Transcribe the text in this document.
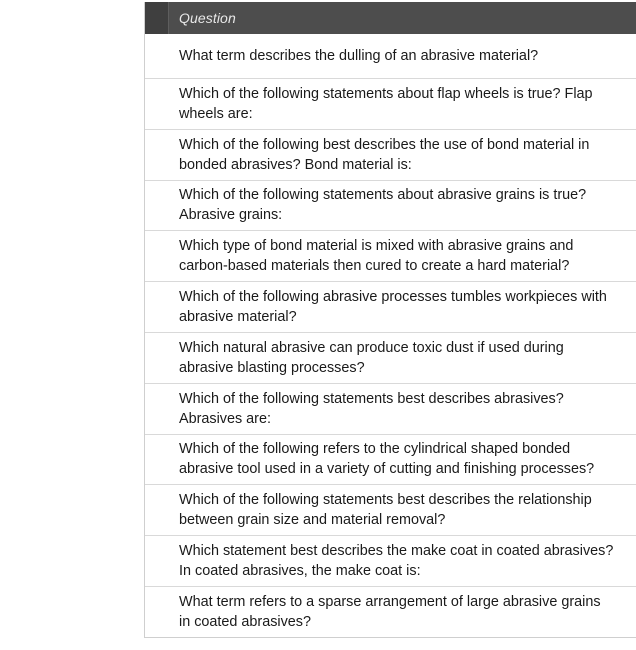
Question
What term describes the dulling of an abrasive material?
Which of the following statements about flap wheels is true? Flap
wheels are:
Which of the following best describes the use of bond material in
bonded abrasives? Bond material is:
Which of the following statements about abrasive grains is true?
Abrasive grains:
Which type of bond material is mixed with abrasive grains and
carbon-based materials then cured to create a hard material?
Which of the following abrasive processes tumbles workpieces with
abrasive material?
Which natural abrasive can produce toxic dust if used during
abrasive blasting processes?
Which of the following statements best describes abrasives?
Abrasives are:
Which of the following refers to the cylindrical shaped bonded
abrasive tool used in a variety of cutting and finishing processes?
Which of the following statements best describes the relationship
between grain size and material removal?
Which statement best describes the make coat in coated abrasives?
In coated abrasives, the make coat is:
What term refers to a sparse arrangement of large abrasive grains
in coated abrasives?
